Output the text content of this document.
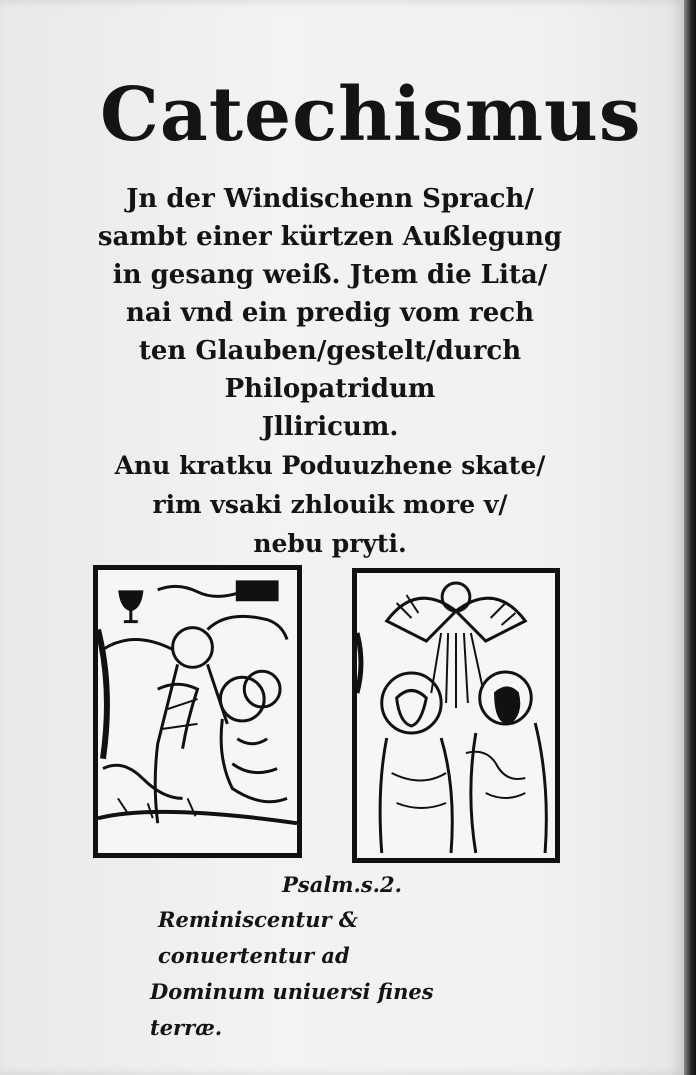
Catechismus
Jn der Windischenn Sprach/
sambt einer kürtzen Außlegung
in gesang weiß. Jtem die Lita/
nai vnd ein predig vom rech
ten Glauben/gestelt/durch
Philopatridum
Jlliricum.
Anu kratku Poduuzhene skate/
rim vsaki zhlouik more v/
nebu pryti.
Psalm.s.2.
Reminiscentur & conuertentur ad
Dominum uniuersi fines terræ.
